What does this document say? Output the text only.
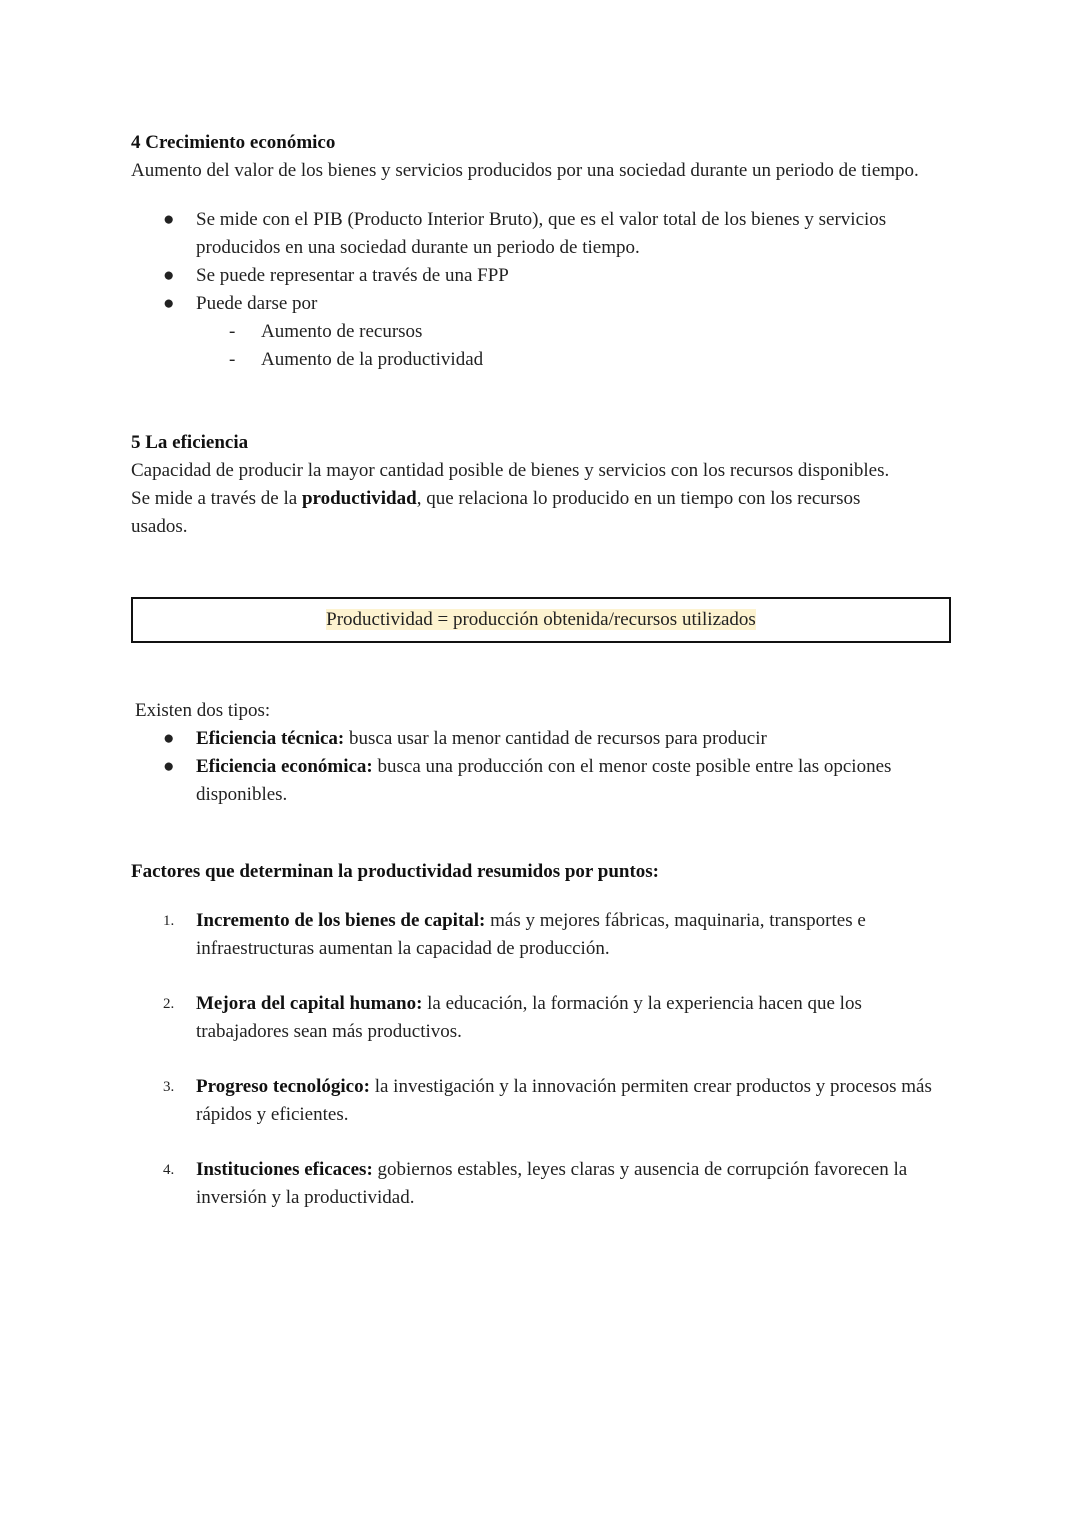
4 Crecimiento económico
Aumento del valor de los bienes y servicios producidos por una sociedad durante un periodo de tiempo.
● Se mide con el PIB (Producto Interior Bruto), que es el valor total de los bienes y servicios producidos en una sociedad durante un periodo de tiempo.
● Se puede representar a través de una FPP
● Puede darse por
- Aumento de recursos
- Aumento de la productividad
5 La eficiencia
Capacidad de producir la mayor cantidad posible de bienes y servicios con los recursos disponibles.
Se mide a través de la productividad, que relaciona lo producido en un tiempo con los recursos usados.
Productividad = producción obtenida/recursos utilizados
Existen dos tipos:
● Eficiencia técnica: busca usar la menor cantidad de recursos para producir
● Eficiencia económica: busca una producción con el menor coste posible entre las opciones disponibles.
Factores que determinan la productividad resumidos por puntos:
1. Incremento de los bienes de capital: más y mejores fábricas, maquinaria, transportes e infraestructuras aumentan la capacidad de producción.
2. Mejora del capital humano: la educación, la formación y la experiencia hacen que los trabajadores sean más productivos.
3. Progreso tecnológico: la investigación y la innovación permiten crear productos y procesos más rápidos y eficientes.
4. Instituciones eficaces: gobiernos estables, leyes claras y ausencia de corrupción favorecen la inversión y la productividad.
